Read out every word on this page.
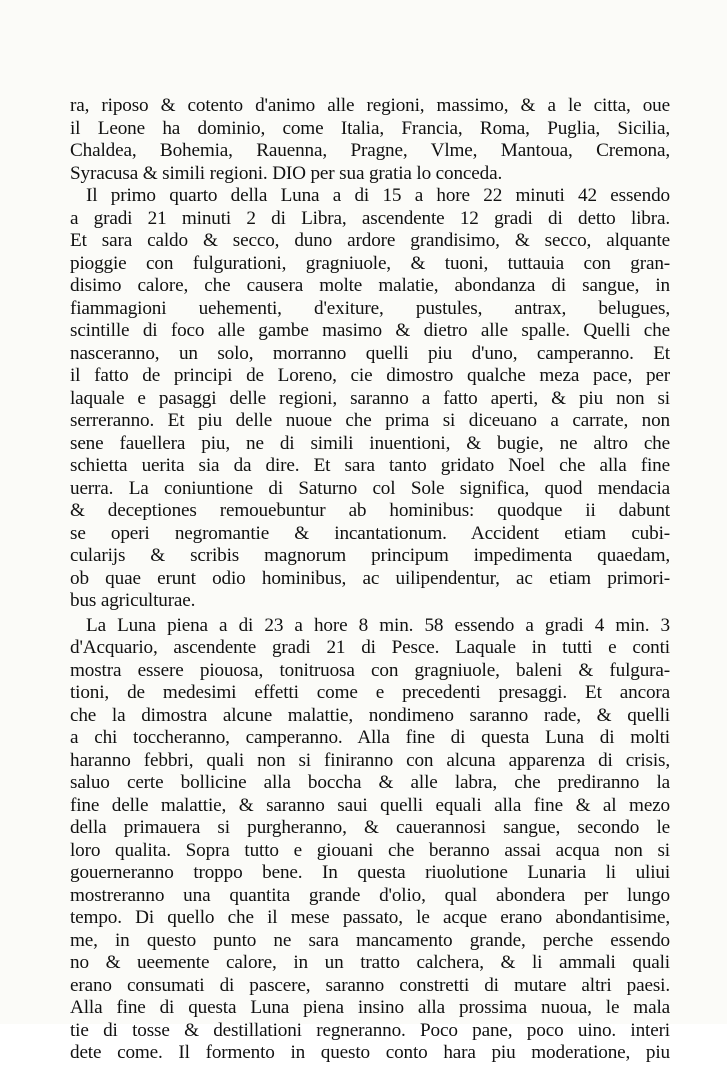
ra, riposo & cotento d'animo alle regioni, massimo, & a le citta, oue
il Leone ha dominio, come Italia, Francia, Roma, Puglia, Sicilia,
Chaldea, Bohemia, Rauenna, Pragne, Vlme, Mantoua, Cremona,
Syracusa & simili regioni. DIO per sua gratia lo conceda.
Il primo quarto della Luna a di 15 a hore 22 minuti 42 essendo
a gradi 21 minuti 2 di Libra, ascendente 12 gradi di detto libra.
Et sara caldo & secco, duno ardore grandisimo, & secco, alquante
pioggie con fulgurationi, gragniuole, & tuoni, tuttauia con gran-
disimo calore, che causera molte malatie, abondanza di sangue, in
fiammagioni uehementi, d'exiture, pustules, antrax, belugues,
scintille di foco alle gambe masimo & dietro alle spalle. Quelli che
nasceranno, un solo, morranno quelli piu d'uno, camperanno. Et
il fatto de principi de Loreno, cie dimostro qualche meza pace, per
laquale e pasaggi delle regioni, saranno a fatto aperti, & piu non si
serreranno. Et piu delle nuoue che prima si diceuano a carrate, non
sene fauellera piu, ne di simili inuentioni, & bugie, ne altro che
schietta uerita sia da dire. Et sara tanto gridato Noel che alla fine
uerra. La coniuntione di Saturno col Sole significa, quod mendacia
& deceptiones remouebuntur ab hominibus: quodque ii dabunt
se operi negromantie & incantationum. Accident etiam cubi-
cularijs & scribis magnorum principum impedimenta quaedam,
ob quae erunt odio hominibus, ac uilipendentur, ac etiam primori-
bus agriculturae.
La Luna piena a di 23 a hore 8 min. 58 essendo a gradi 4 min. 3
d'Acquario, ascendente gradi 21 di Pesce. Laquale in tutti e conti
mostra essere piouosa, tonitruosa con gragniuole, baleni & fulgura-
tioni, de medesimi effetti come e precedenti presaggi. Et ancora
che la dimostra alcune malattie, nondimeno saranno rade, & quelli
a chi toccheranno, camperanno. Alla fine di questa Luna di molti
haranno febbri, quali non si finiranno con alcuna apparenza di crisis,
saluo certe bollicine alla boccha & alle labra, che prediranno la
fine delle malattie, & saranno saui quelli equali alla fine & al mezo
della primauera si purgheranno, & cauerannosi sangue, secondo le
loro qualita. Sopra tutto e giouani che beranno assai acqua non si
gouerneranno troppo bene. In questa riuolutione Lunaria li uliui
mostreranno una quantita grande d'olio, qual abondera per lungo
tempo. Di quello che il mese passato, le acque erano abondantisime,
me, in questo punto ne sara mancamento grande, perche essendo
no & ueemente calore, in un tratto calchera, & li ammali quali
erano consumati di pascere, saranno constretti di mutare altri paesi.
Alla fine di questa Luna piena insino alla prossima nuoua, le mala
tie di tosse & destillationi regneranno. Poco pane, poco uino. interi
dete come. Il formento in questo conto hara piu moderatione, piu
